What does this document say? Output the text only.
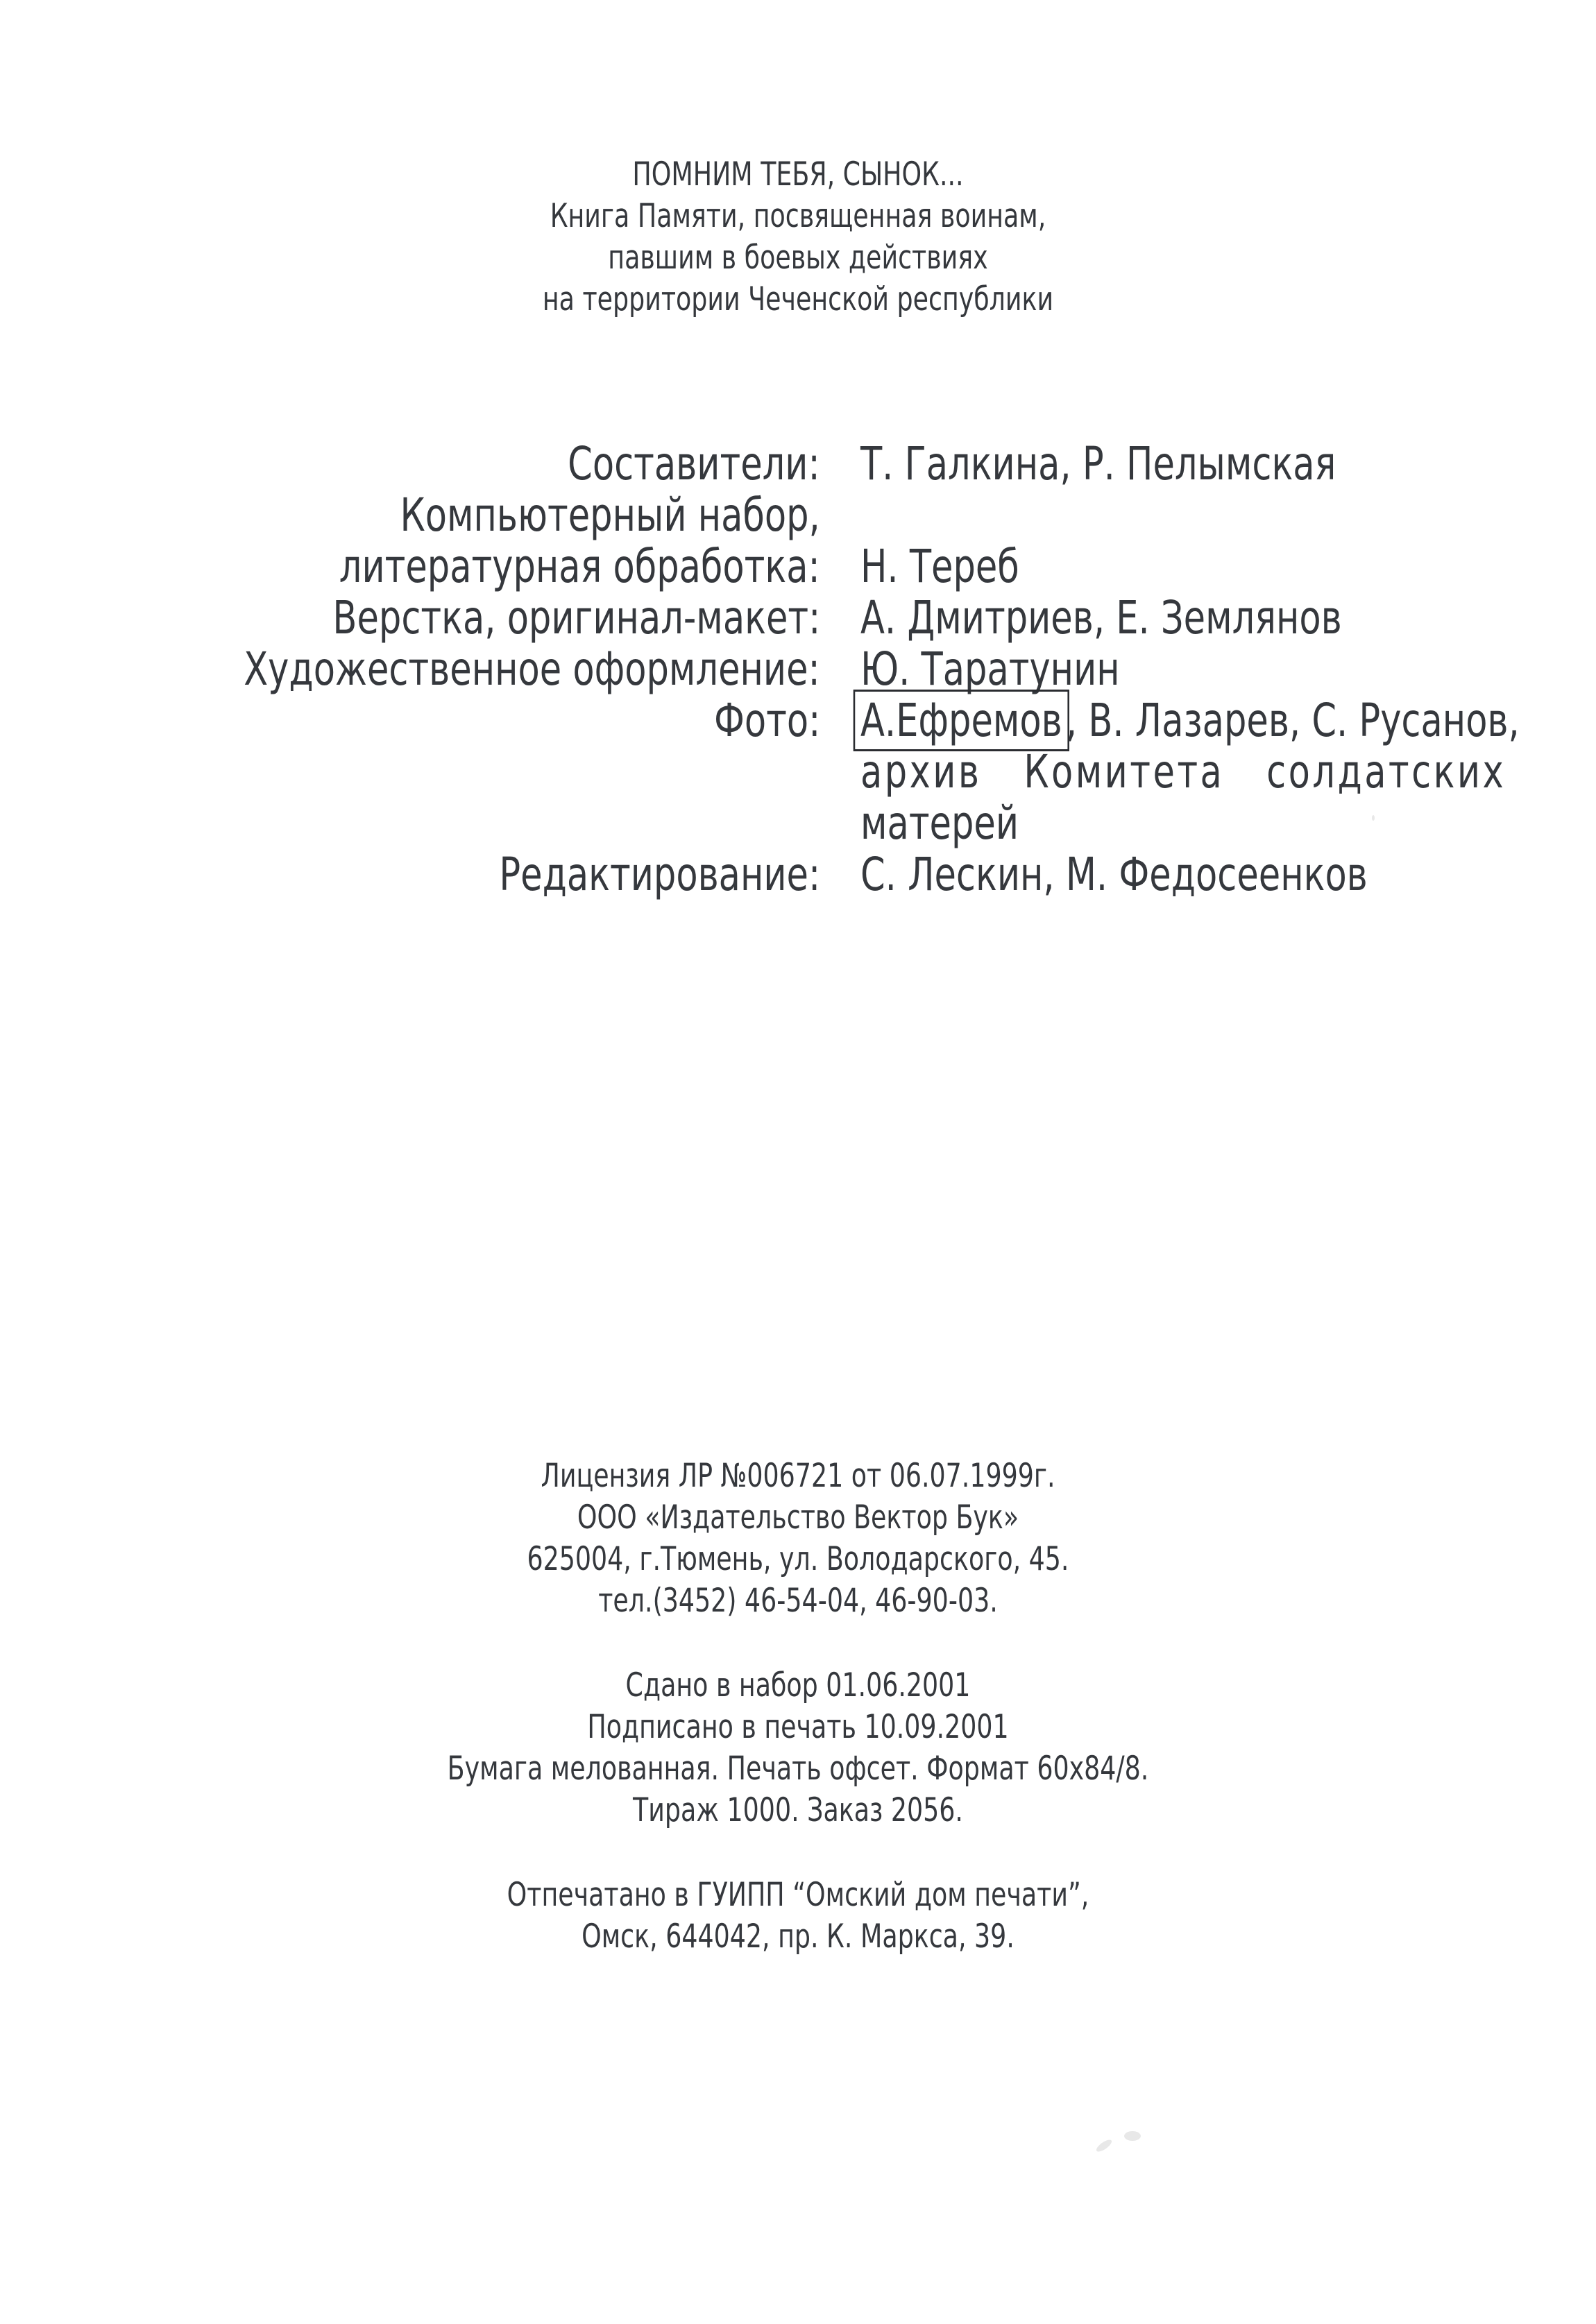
ПОМНИМ ТЕБЯ, СЫНОК...
Книга Памяти, посвященная воинам,
павшим в боевых действиях
на территории Чеченской республики
Составители: Т. Галкина, Р. Пелымская
Компьютерный набор,
литературная обработка: Н. Тереб
Верстка, оригинал-макет: А. Дмитриев, Е. Землянов
Художественное оформление: Ю. Таратунин
Фото: А.Ефремов, В. Лазарев, С. Русанов,
архив Комитета солдатских
матерей
Редактирование: С. Лескин, М. Федосеенков
Лицензия ЛР №006721 от 06.07.1999г.
ООО «Издательство Вектор Бук»
625004, г.Тюмень, ул. Володарского, 45.
тел.(3452) 46-54-04, 46-90-03.
Сдано в набор 01.06.2001
Подписано в печать 10.09.2001
Бумага мелованная. Печать офсет. Формат 60x84/8.
Тираж 1000. Заказ 2056.
Отпечатано в ГУИПП “Омский дом печати”,
Омск, 644042, пр. К. Маркса, 39.
